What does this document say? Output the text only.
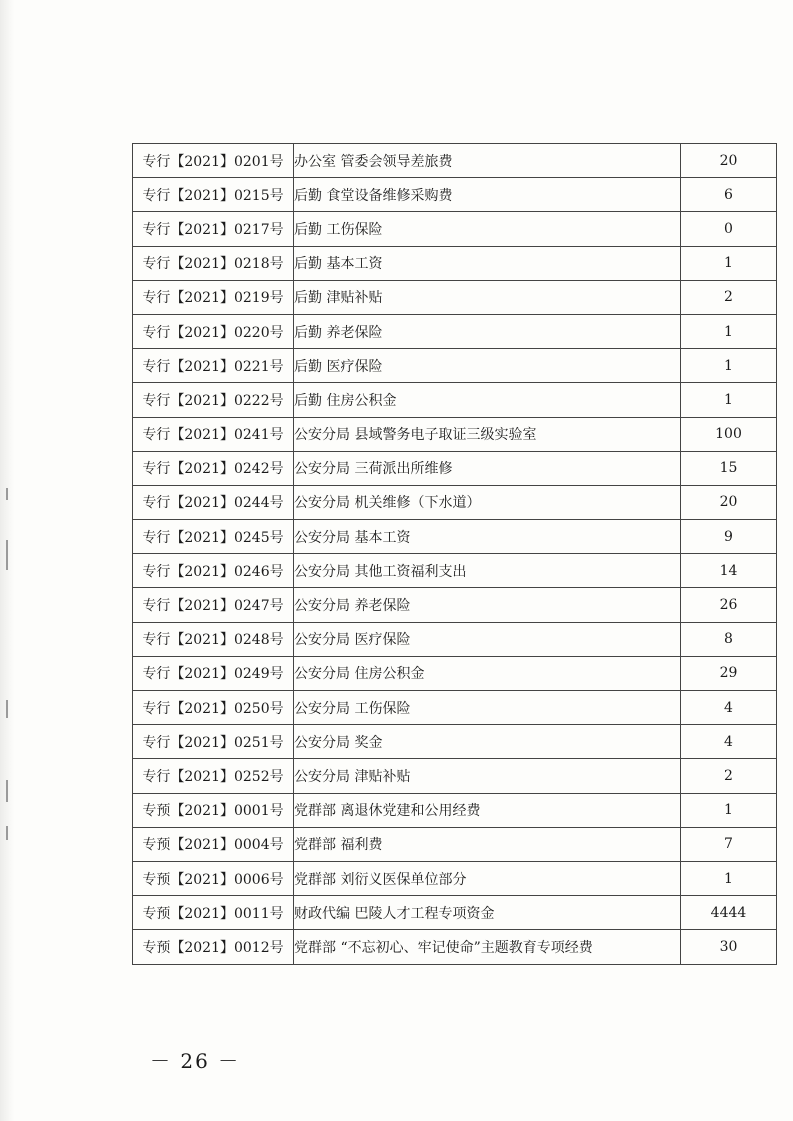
专行【2021】0201号	办公室 管委会领导差旅费	20
专行【2021】0215号	后勤 食堂设备维修采购费	6
专行【2021】0217号	后勤 工伤保险	0
专行【2021】0218号	后勤 基本工资	1
专行【2021】0219号	后勤 津贴补贴	2
专行【2021】0220号	后勤 养老保险	1
专行【2021】0221号	后勤 医疗保险	1
专行【2021】0222号	后勤 住房公积金	1
专行【2021】0241号	公安分局 县域警务电子取证三级实验室	100
专行【2021】0242号	公安分局 三荷派出所维修	15
专行【2021】0244号	公安分局 机关维修（下水道）	20
专行【2021】0245号	公安分局 基本工资	9
专行【2021】0246号	公安分局 其他工资福利支出	14
专行【2021】0247号	公安分局 养老保险	26
专行【2021】0248号	公安分局 医疗保险	8
专行【2021】0249号	公安分局 住房公积金	29
专行【2021】0250号	公安分局 工伤保险	4
专行【2021】0251号	公安分局 奖金	4
专行【2021】0252号	公安分局 津贴补贴	2
专预【2021】0001号	党群部 离退休党建和公用经费	1
专预【2021】0004号	党群部 福利费	7
专预【2021】0006号	党群部 刘衍义医保单位部分	1
专预【2021】0011号	财政代编 巴陵人才工程专项资金	4444
专预【2021】0012号	党群部 “不忘初心、牢记使命”主题教育专项经费	30
－ 26 －
